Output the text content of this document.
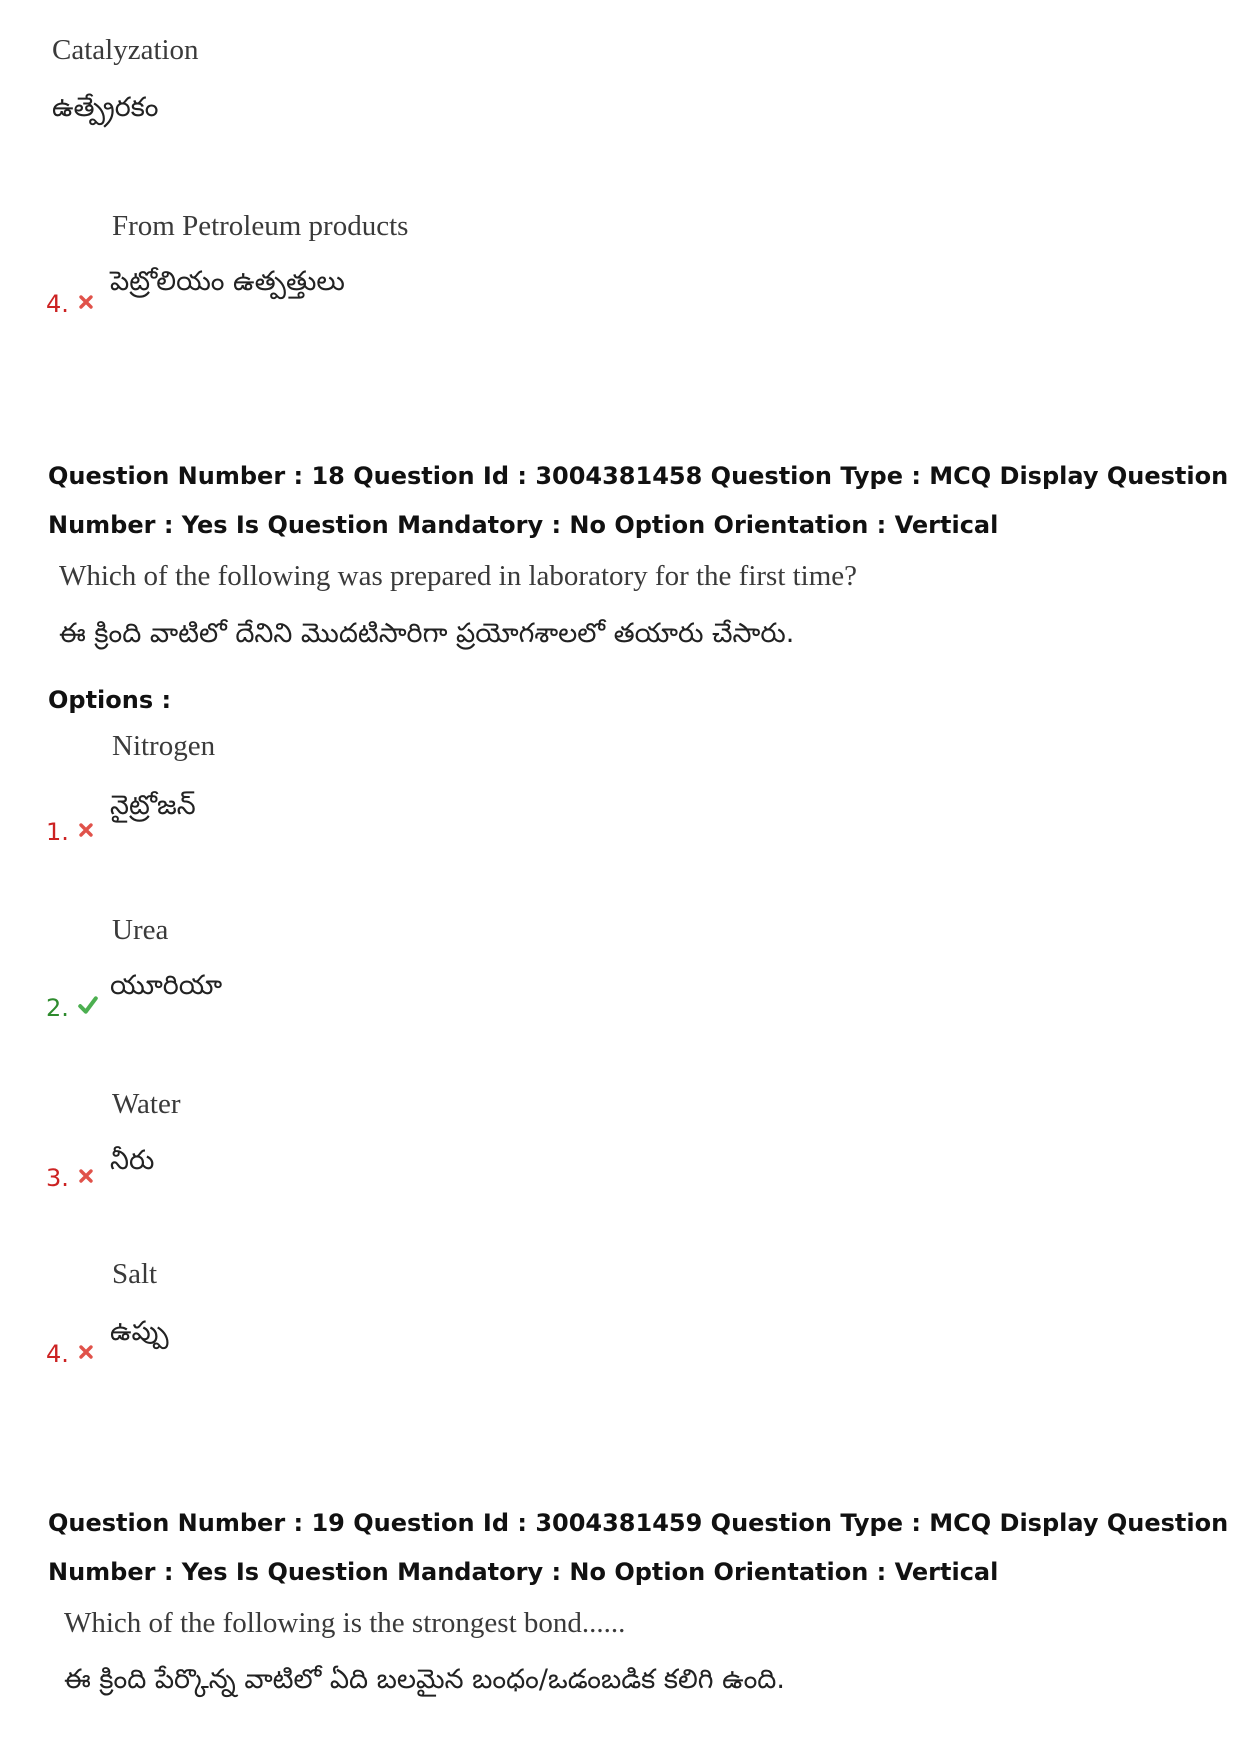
Catalyzation
ఉత్ప్రేరకం
From Petroleum products
పెట్రోలియం ఉత్పత్తులు
4.
Question Number : 18 Question Id : 3004381458 Question Type : MCQ Display Question
Number : Yes Is Question Mandatory : No Option Orientation : Vertical
Which of the following was prepared in laboratory for the first time?
ఈ క్రింది వాటిలో దేనిని మొదటిసారిగా ప్రయోగశాలలో తయారు చేసారు.
Options :
Nitrogen
నైట్రోజన్
1.
Urea
యూరియా
2.
Water
నీరు
3.
Salt
ఉప్పు
4.
Question Number : 19 Question Id : 3004381459 Question Type : MCQ Display Question
Number : Yes Is Question Mandatory : No Option Orientation : Vertical
Which of the following is the strongest bond......
ఈ క్రింది పేర్కొన్న వాటిలో ఏది బలమైన బంధం/ఒడంబడిక కలిగి ఉంది.
